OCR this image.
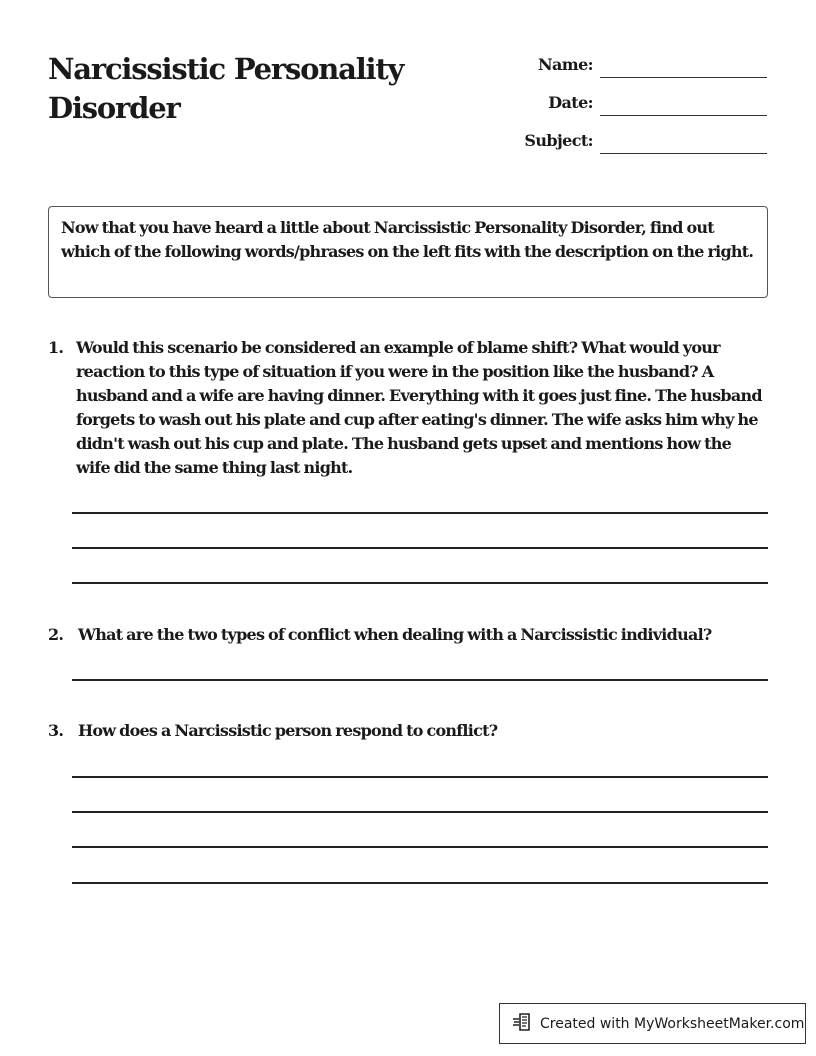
Narcissistic Personality
Disorder
Name:
Date:
Subject:
Now that you have heard a little about Narcissistic Personality Disorder, find out which of the following words/phrases on the left fits with the description on the right.
1. Would this scenario be considered an example of blame shift? What would your reaction to this type of situation if you were in the position like the husband? A husband and a wife are having dinner. Everything with it goes just fine. The husband forgets to wash out his plate and cup after eating's dinner. The wife asks him why he didn't wash out his cup and plate. The husband gets upset and mentions how the wife did the same thing last night.
2. What are the two types of conflict when dealing with a Narcissistic individual?
3. How does a Narcissistic person respond to conflict?
Created with MyWorksheetMaker.com
